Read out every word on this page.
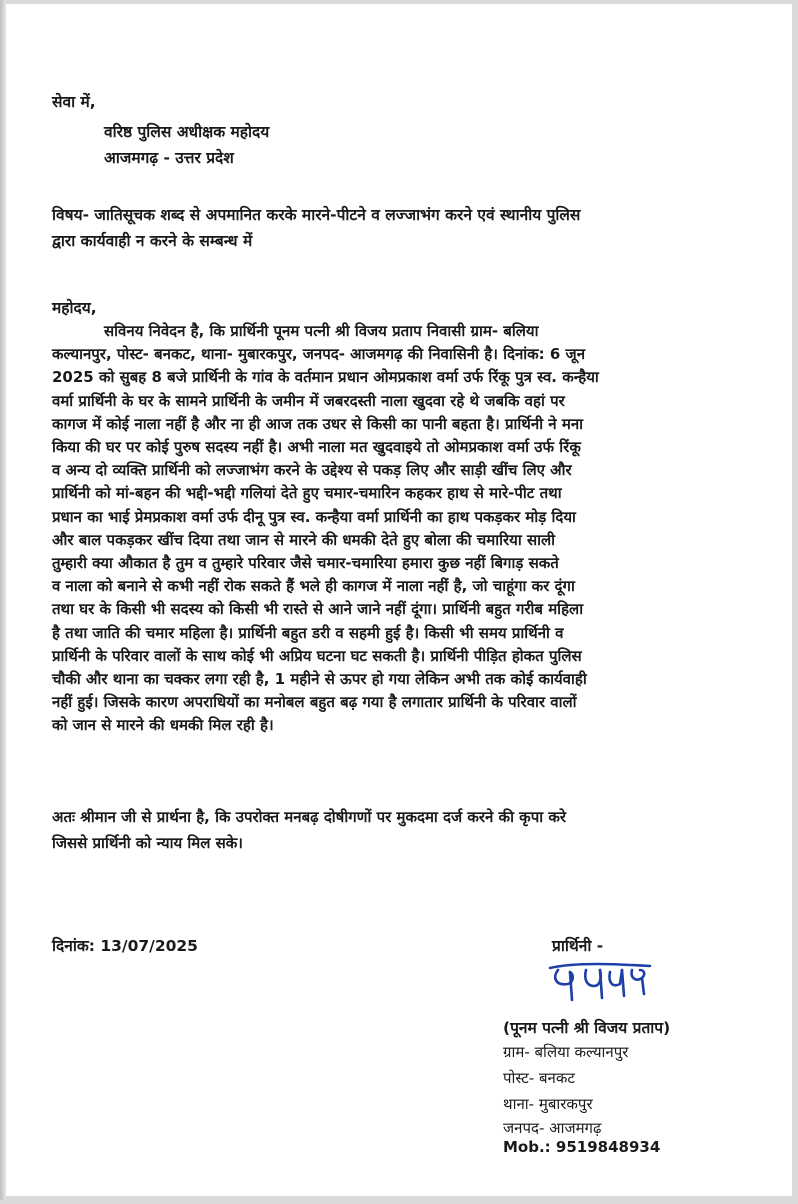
सेवा में,
वरिष्ठ पुलिस अधीक्षक महोदय
आजमगढ़ - उत्तर प्रदेश
विषय- जातिसूचक शब्द से अपमानित करके मारने-पीटने व लज्जाभंग करने एवं स्थानीय पुलिस
द्वारा कार्यवाही न करने के सम्बन्ध में
महोदय,
सविनय निवेदन है, कि प्रार्थिनी पूनम पत्नी श्री विजय प्रताप निवासी ग्राम- बलिया
कल्यानपुर, पोस्ट- बनकट, थाना- मुबारकपुर, जनपद- आजमगढ़ की निवासिनी है। दिनांक: 6 जून
2025 को सुबह 8 बजे प्रार्थिनी के गांव के वर्तमान प्रधान ओमप्रकाश वर्मा उर्फ रिंकू पुत्र स्व. कन्हैया
वर्मा प्रार्थिनी के घर के सामने प्रार्थिनी के जमीन में जबरदस्ती नाला खुदवा रहे थे जबकि वहां पर
कागज में कोई नाला नहीं है और ना ही आज तक उधर से किसी का पानी बहता है। प्रार्थिनी ने मना
किया की घर पर कोई पुरुष सदस्य नहीं है। अभी नाला मत खुदवाइये तो ओमप्रकाश वर्मा उर्फ रिंकू
व अन्य दो व्यक्ति प्रार्थिनी को लज्जाभंग करने के उद्देश्य से पकड़ लिए और साड़ी खींच लिए और
प्रार्थिनी को मां-बहन की भद्दी-भद्दी गलियां देते हुए चमार-चमारिन कहकर हाथ से मारे-पीट तथा
प्रधान का भाई प्रेमप्रकाश वर्मा उर्फ दीनू पुत्र स्व. कन्हैया वर्मा प्रार्थिनी का हाथ पकड़कर मोड़ दिया
और बाल पकड़कर खींच दिया तथा जान से मारने की धमकी देते हुए बोला की चमारिया साली
तुम्हारी क्या औकात है तुम व तुम्हारे परिवार जैसे चमार-चमारिया हमारा कुछ नहीं बिगाड़ सकते
व नाला को बनाने से कभी नहीं रोक सकते हैं भले ही कागज में नाला नहीं है, जो चाहूंगा कर दूंगा
तथा घर के किसी भी सदस्य को किसी भी रास्ते से आने जाने नहीं दूंगा। प्रार्थिनी बहुत गरीब महिला
है तथा जाति की चमार महिला है। प्रार्थिनी बहुत डरी व सहमी हुई है। किसी भी समय प्रार्थिनी व
प्रार्थिनी के परिवार वालों के साथ कोई भी अप्रिय घटना घट सकती है। प्रार्थिनी पीड़ित होकत पुलिस
चौकी और थाना का चक्कर लगा रही है, 1 महीने से ऊपर हो गया लेकिन अभी तक कोई कार्यवाही
नहीं हुई। जिसके कारण अपराधियों का मनोबल बहुत बढ़ गया है लगातार प्रार्थिनी के परिवार वालों
को जान से मारने की धमकी मिल रही है।
अतः श्रीमान जी से प्रार्थना है, कि उपरोक्त मनबढ़ दोषीगणों पर मुकदमा दर्ज करने की कृपा करे
जिससे प्रार्थिनी को न्याय मिल सके।
दिनांक: 13/07/2025	प्रार्थिनी -
(पूनम पत्नी श्री विजय प्रताप)
ग्राम- बलिया कल्यानपुर
पोस्ट- बनकट
थाना- मुबारकपुर
जनपद- आजमगढ़
Mob.: 9519848934
